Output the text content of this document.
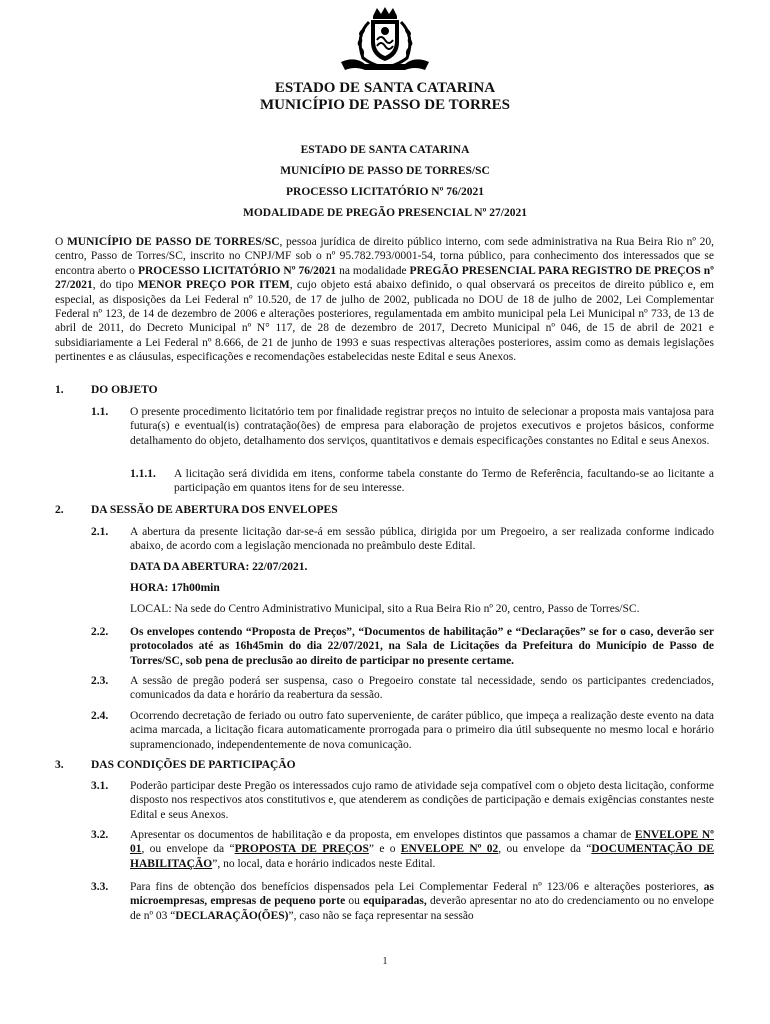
ESTADO DE SANTA CATARINA
MUNICÍPIO DE PASSO DE TORRES
ESTADO DE SANTA CATARINA
MUNICÍPIO DE PASSO DE TORRES/SC
PROCESSO LICITATÓRIO Nº 76/2021
MODALIDADE DE PREGÃO PRESENCIAL Nº 27/2021

O MUNICÍPIO DE PASSO DE TORRES/SC, pessoa jurídica de direito público interno, com sede administrativa na Rua Beira Rio nº 20, centro, Passo de Torres/SC, inscrito no CNPJ/MF sob o nº 95.782.793/0001-54, torna público, para conhecimento dos interessados que se encontra aberto o PROCESSO LICITATÓRIO Nº 76/2021 na modalidade PREGÃO PRESENCIAL PARA REGISTRO DE PREÇOS nº 27/2021, do tipo MENOR PREÇO POR ITEM, cujo objeto está abaixo definido, o qual observará os preceitos de direito público e, em especial, as disposições da Lei Federal nº 10.520, de 17 de julho de 2002, publicada no DOU de 18 de julho de 2002, Lei Complementar Federal nº 123, de 14 de dezembro de 2006 e alterações posteriores, regulamentada em ambito municipal pela Lei Municipal nº 733, de 13 de abril de 2011, do Decreto Municipal nº N° 117, de 28 de dezembro de 2017, Decreto Municipal nº 046, de 15 de abril de 2021 e subsidiariamente a Lei Federal nº 8.666, de 21 de junho de 1993 e suas respectivas alterações posteriores, assim como as demais legislações pertinentes e as cláusulas, especificações e recomendações estabelecidas neste Edital e seus Anexos.

1. DO OBJETO
1.1. O presente procedimento licitatório tem por finalidade registrar preços no intuito de selecionar a proposta mais vantajosa para futura(s) e eventual(is) contratação(ões) de empresa para elaboração de projetos executivos e projetos básicos, conforme detalhamento do objeto, detalhamento dos serviços, quantitativos e demais especificações constantes no Edital e seus Anexos.
1.1.1. A licitação será dividida em itens, conforme tabela constante do Termo de Referência, facultando-se ao licitante a participação em quantos itens for de seu interesse.
2. DA SESSÃO DE ABERTURA DOS ENVELOPES
2.1. A abertura da presente licitação dar-se-á em sessão pública, dirigida por um Pregoeiro, a ser realizada conforme indicado abaixo, de acordo com a legislação mencionada no preâmbulo deste Edital.
DATA DA ABERTURA: 22/07/2021.
HORA: 17h00min
LOCAL: Na sede do Centro Administrativo Municipal, sito a Rua Beira Rio nº 20, centro, Passo de Torres/SC.
2.2. Os envelopes contendo “Proposta de Preços”, “Documentos de habilitação” e “Declarações” se for o caso, deverão ser protocolados até as 16h45min do dia 22/07/2021, na Sala de Licitações da Prefeitura do Município de Passo de Torres/SC, sob pena de preclusão ao direito de participar no presente certame.
2.3. A sessão de pregão poderá ser suspensa, caso o Pregoeiro constate tal necessidade, sendo os participantes credenciados, comunicados da data e horário da reabertura da sessão.
2.4. Ocorrendo decretação de feriado ou outro fato superveniente, de caráter público, que impeça a realização deste evento na data acima marcada, a licitação ficara automaticamente prorrogada para o primeiro dia útil subsequente no mesmo local e horário supramencionado, independentemente de nova comunicação.
3. DAS CONDIÇÕES DE PARTICIPAÇÃO
3.1. Poderão participar deste Pregão os interessados cujo ramo de atividade seja compatível com o objeto desta licitação, conforme disposto nos respectivos atos constitutivos e, que atenderem as condições de participação e demais exigências constantes neste Edital e seus Anexos.
3.2. Apresentar os documentos de habilitação e da proposta, em envelopes distintos que passamos a chamar de ENVELOPE Nº 01, ou envelope da “PROPOSTA DE PREÇOS” e o ENVELOPE Nº 02, ou envelope da “DOCUMENTAÇÃO DE HABILITAÇÃO”, no local, data e horário indicados neste Edital.

3.3. Para fins de obtenção dos benefícios dispensados pela Lei Complementar Federal nº 123/06 e alterações posteriores, as microempresas, empresas de pequeno porte ou equiparadas, deverão apresentar no ato do credenciamento ou no envelope de nº 03 “DECLARAÇÃO(ÕES)”, caso não se faça representar na sessão

1
